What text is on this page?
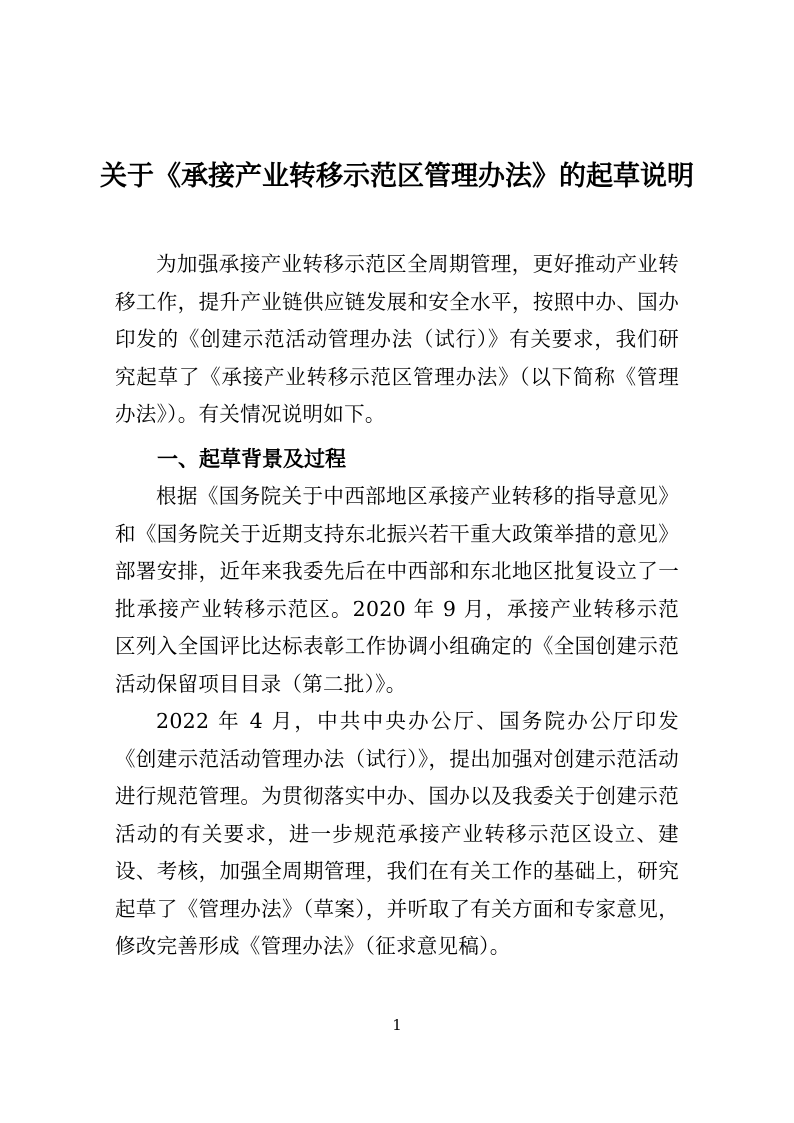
关于《承接产业转移示范区管理办法》的起草说明

为加强承接产业转移示范区全周期管理，更好推动产业转移工作，提升产业链供应链发展和安全水平，按照中办、国办印发的《创建示范活动管理办法（试行）》有关要求，我们研究起草了《承接产业转移示范区管理办法》（以下简称《管理办法》）。有关情况说明如下。

一、起草背景及过程

根据《国务院关于中西部地区承接产业转移的指导意见》和《国务院关于近期支持东北振兴若干重大政策举措的意见》部署安排，近年来我委先后在中西部和东北地区批复设立了一批承接产业转移示范区。2020 年 9 月，承接产业转移示范区列入全国评比达标表彰工作协调小组确定的《全国创建示范活动保留项目目录（第二批）》。

2022 年 4 月，中共中央办公厅、国务院办公厅印发《创建示范活动管理办法（试行）》，提出加强对创建示范活动进行规范管理。为贯彻落实中办、国办以及我委关于创建示范活动的有关要求，进一步规范承接产业转移示范区设立、建设、考核，加强全周期管理，我们在有关工作的基础上，研究起草了《管理办法》（草案），并听取了有关方面和专家意见，修改完善形成《管理办法》（征求意见稿）。

1
